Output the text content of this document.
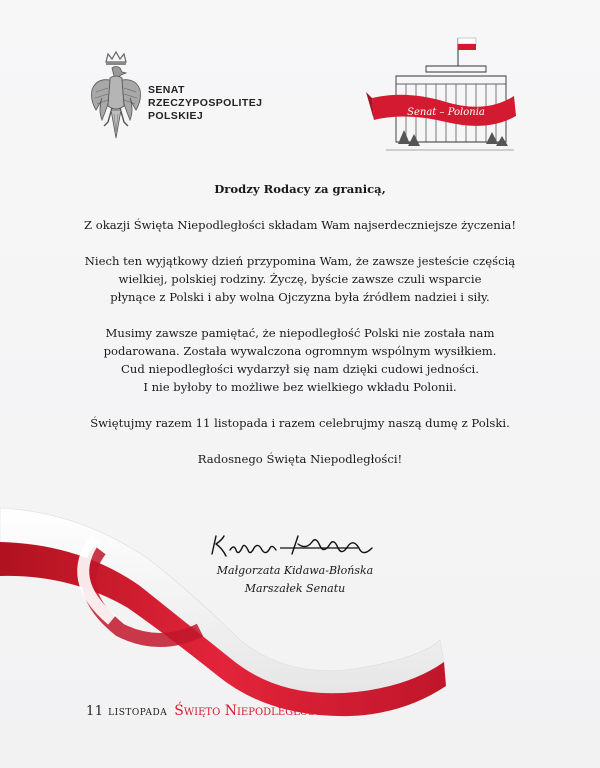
SENAT
RZECZYPOSPOLITEJ
POLSKIEJ	Senat – Polonia
Drodzy Rodacy za granicą,
Z okazji Święta Niepodległości składam Wam najserdeczniejsze życzenia!
Niech ten wyjątkowy dzień przypomina Wam, że zawsze jesteście częścią
wielkiej, polskiej rodziny. Życzę, byście zawsze czuli wsparcie
płynące z Polski i aby wolna Ojczyzna była źródłem nadziei i siły.
Musimy zawsze pamiętać, że niepodległość Polski nie została nam
podarowana. Została wywalczona ogromnym wspólnym wysiłkiem.
Cud niepodległości wydarzył się nam dzięki cudowi jedności.
I nie byłoby to możliwe bez wielkiego wkładu Polonii.
Świętujmy razem 11 listopada i razem celebrujmy naszą dumę z Polski.
Radosnego Święta Niepodległości!
Małgorzata Kidawa-Błońska
Marszałek Senatu
11 listopada Święto Niepodległości
